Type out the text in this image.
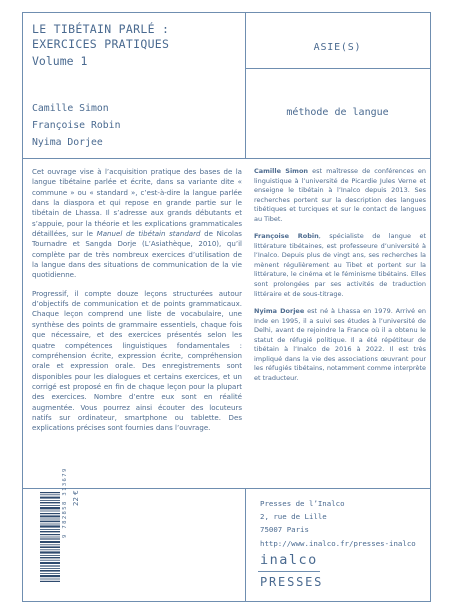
LE TIBÉTAIN PARLÉ :
EXERCICES PRATIQUES
Volume 1
Camille Simon
Françoise Robin
Nyima Dorjee
ASIE(S)
méthode de langue

Cet ouvrage vise à l’acquisition pratique des bases de la langue tibétaine parlée et écrite, dans sa variante dite « commune » ou « standard », c’est-à-dire la langue parlée dans la diaspora et qui repose en grande partie sur le tibétain de Lhassa. Il s’adresse aux grands débutants et s’appuie, pour la théorie et les explications grammaticales détaillées, sur le Manuel de tibétain standard de Nicolas Tournadre et Sangda Dorje (L’Asiathèque, 2010), qu’il complète par de très nombreux exercices d’utilisation de la langue dans des situations de communication de la vie quotidienne.

Progressif, il compte douze leçons structurées autour d’objectifs de communication et de points grammaticaux. Chaque leçon comprend une liste de vocabulaire, une synthèse des points de grammaire essentiels, chaque fois que nécessaire, et des exercices présentés selon les quatre compétences linguistiques fondamentales : compréhension écrite, expression écrite, compréhension orale et expression orale. Des enregistrements sont disponibles pour les dialogues et certains exercices, et un corrigé est proposé en fin de chaque leçon pour la plupart des exercices. Nombre d’entre eux sont en réalité augmentée. Vous pourrez ainsi écouter des locuteurs natifs sur ordinateur, smartphone ou tablette. Des explications précises sont fournies dans l’ouvrage.

Camille Simon est maîtresse de conférences en linguistique à l’université de Picardie Jules Verne et enseigne le tibétain à l’Inalco depuis 2013. Ses recherches portent sur la description des langues tibétiques et turciques et sur le contact de langues au Tibet.

Françoise Robin, spécialiste de langue et littérature tibétaines, est professeure d’université à l’Inalco. Depuis plus de vingt ans, ses recherches la mènent régulièrement au Tibet et portent sur la littérature, le cinéma et le féminisme tibétains. Elles sont prolongées par ses activités de traduction littéraire et de sous-titrage.

Nyima Dorjee est né à Lhassa en 1979. Arrivé en Inde en 1995, il a suivi ses études à l’université de Delhi, avant de rejoindre la France où il a obtenu le statut de réfugié politique. Il a été répétiteur de tibétain à l’Inalco de 2016 à 2022. Il est très impliqué dans la vie des associations œuvrant pour les réfugiés tibétains, notamment comme interprète et traducteur.

9 782858 313679 22 €	Presses de l’Inalco
2, rue de Lille
75007 Paris
http://www.inalco.fr/presses-inalco
inalco
PRESSES
